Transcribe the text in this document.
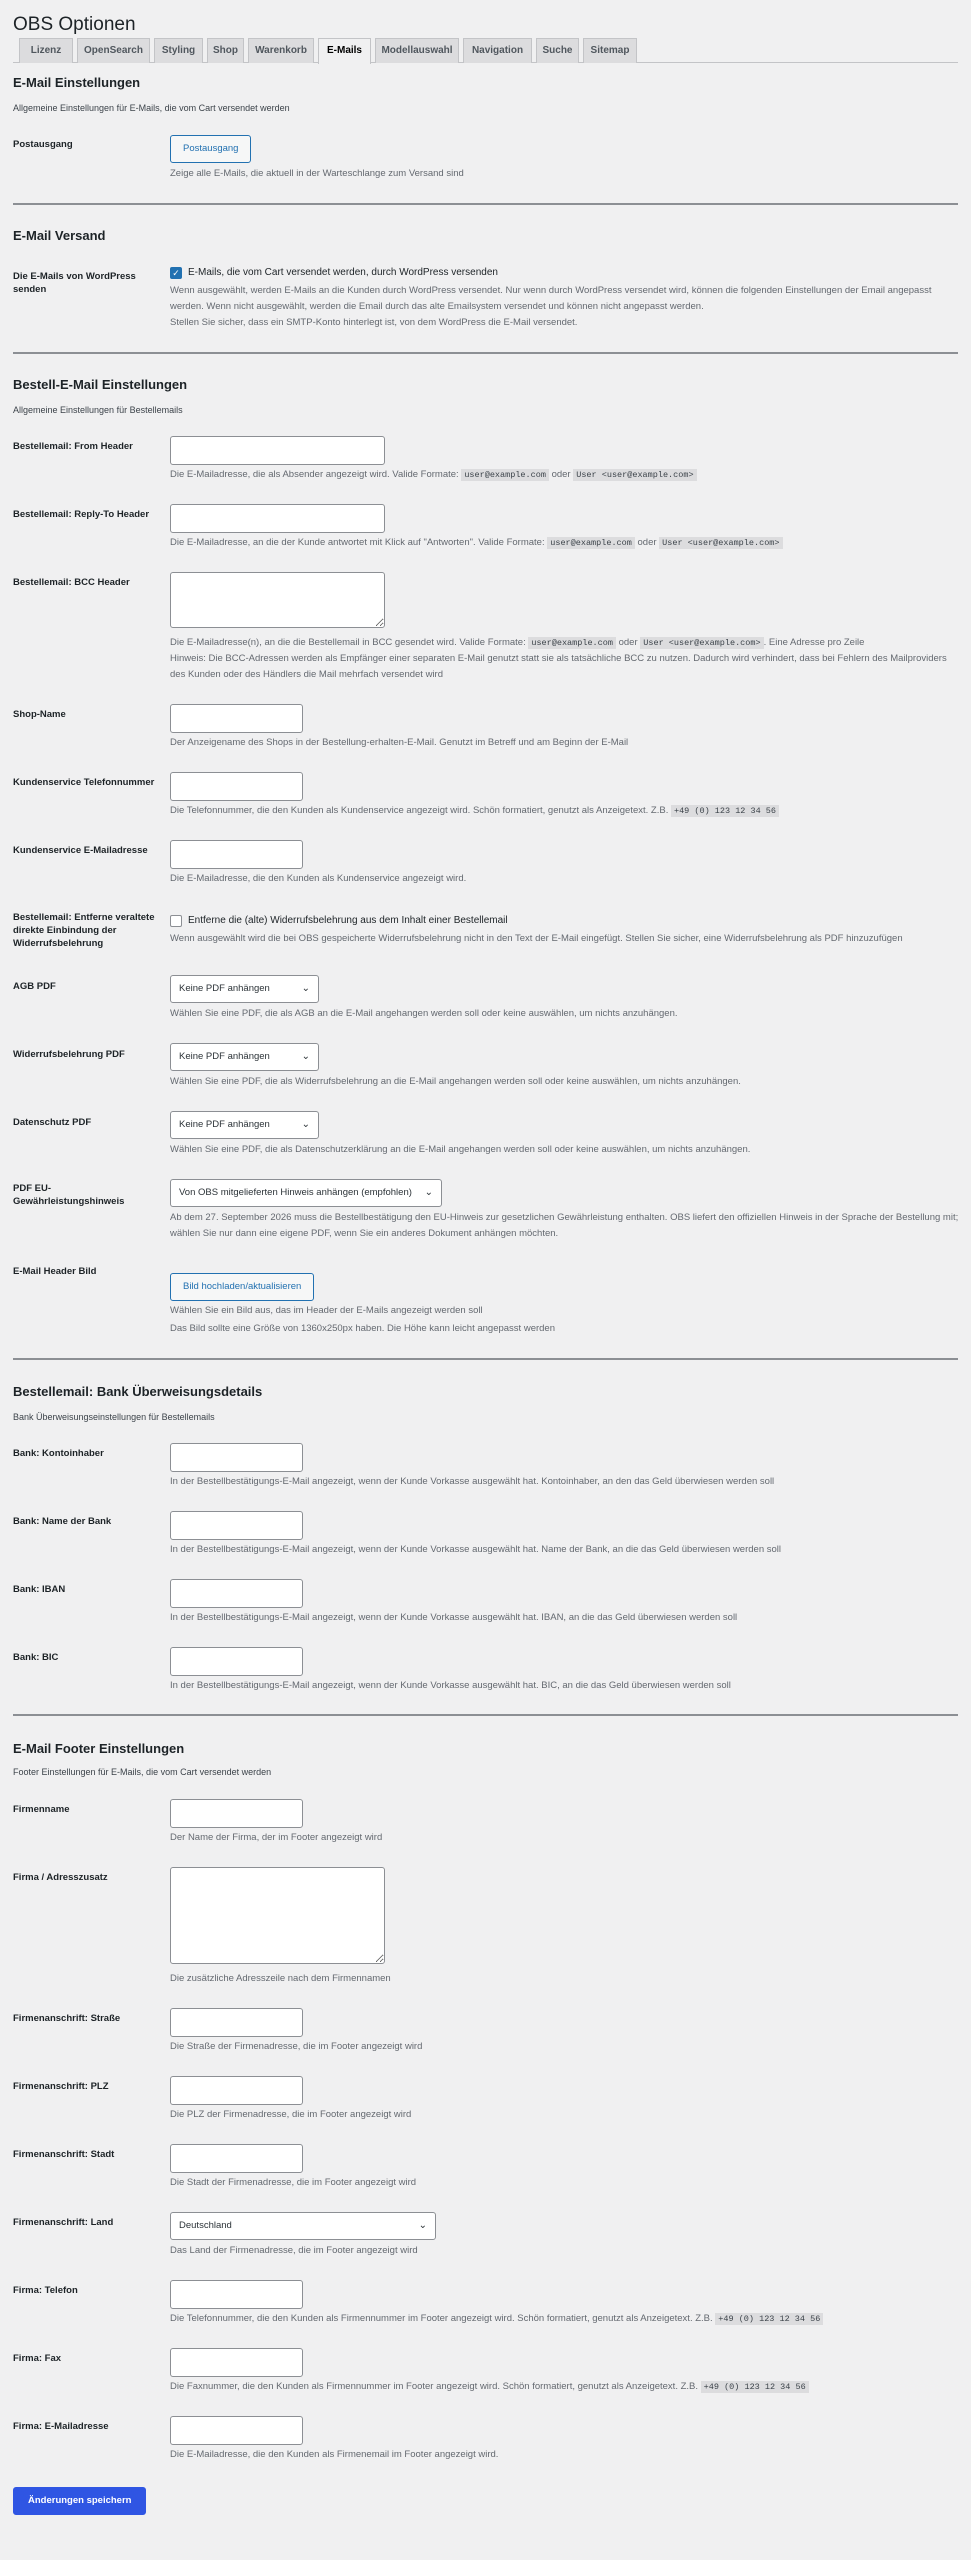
OBS Optionen
Lizenz	OpenSearch	Styling	Shop	Warenkorb	E-Mails	Modellauswahl	Navigation	Suche	Sitemap
E-Mail Einstellungen
Allgemeine Einstellungen für E-Mails, die vom Cart versendet werden
Postausgang	Postausgang
Zeige alle E-Mails, die aktuell in der Warteschlange zum Versand sind
E-Mail Versand
Die E-Mails von WordPress senden
✓ E-Mails, die vom Cart versendet werden, durch WordPress versenden
Wenn ausgewählt, werden E-Mails an die Kunden durch WordPress versendet. Nur wenn durch WordPress versendet wird, können die folgenden Einstellungen der Email angepasst werden. Wenn nicht ausgewählt, werden die Email durch das alte Emailsystem versendet und können nicht angepasst werden.
Stellen Sie sicher, dass ein SMTP-Konto hinterlegt ist, von dem WordPress die E-Mail versendet.
Bestell-E-Mail Einstellungen
Allgemeine Einstellungen für Bestellemails
Bestellemail: From Header
Die E-Mailadresse, die als Absender angezeigt wird. Valide Formate: user@example.com oder User <user@example.com>
Bestellemail: Reply-To Header
Die E-Mailadresse, an die der Kunde antwortet mit Klick auf "Antworten". Valide Formate: user@example.com oder User <user@example.com>
Bestellemail: BCC Header
Die E-Mailadresse(n), an die die Bestellemail in BCC gesendet wird. Valide Formate: user@example.com oder User <user@example.com> . Eine Adresse pro Zeile
Hinweis: Die BCC-Adressen werden als Empfänger einer separaten E-Mail genutzt statt sie als tatsächliche BCC zu nutzen. Dadurch wird verhindert, dass bei Fehlern des Mailproviders des Kunden oder des Händlers die Mail mehrfach versendet wird
Shop-Name
Der Anzeigename des Shops in der Bestellung-erhalten-E-Mail. Genutzt im Betreff und am Beginn der E-Mail
Kundenservice Telefonnummer
Die Telefonnummer, die den Kunden als Kundenservice angezeigt wird. Schön formatiert, genutzt als Anzeigetext. Z.B. +49 (0) 123 12 34 56
Kundenservice E-Mailadresse
Die E-Mailadresse, die den Kunden als Kundenservice angezeigt wird.
Bestellemail: Entferne veraltete direkte Einbindung der Widerrufsbelehrung
Entferne die (alte) Widerrufsbelehrung aus dem Inhalt einer Bestellemail
Wenn ausgewählt wird die bei OBS gespeicherte Widerrufsbelehrung nicht in den Text der E-Mail eingefügt. Stellen Sie sicher, eine Widerrufsbelehrung als PDF hinzuzufügen
AGB PDF	Keine PDF anhängen	⌄
Wählen Sie eine PDF, die als AGB an die E-Mail angehangen werden soll oder keine auswählen, um nichts anzuhängen.
Widerrufsbelehrung PDF	Keine PDF anhängen	⌄
Wählen Sie eine PDF, die als Widerrufsbelehrung an die E-Mail angehangen werden soll oder keine auswählen, um nichts anzuhängen.
Datenschutz PDF	Keine PDF anhängen	⌄
Wählen Sie eine PDF, die als Datenschutzerklärung an die E-Mail angehangen werden soll oder keine auswählen, um nichts anzuhängen.
PDF EU-Gewährleistungshinweis
Von OBS mitgelieferten Hinweis anhängen (empfohlen) ⌄
Ab dem 27. September 2026 muss die Bestellbestätigung den EU-Hinweis zur gesetzlichen Gewährleistung enthalten. OBS liefert den offiziellen Hinweis in der Sprache der Bestellung mit; wählen Sie nur dann eine eigene PDF, wenn Sie ein anderes Dokument anhängen möchten.
E-Mail Header Bild
Bild hochladen/aktualisieren
Wählen Sie ein Bild aus, das im Header der E-Mails angezeigt werden soll
Das Bild sollte eine Größe von 1360x250px haben. Die Höhe kann leicht angepasst werden
Bestellemail: Bank Überweisungsdetails
Bank Überweisungseinstellungen für Bestellemails
Bank: Kontoinhaber
In der Bestellbestätigungs-E-Mail angezeigt, wenn der Kunde Vorkasse ausgewählt hat. Kontoinhaber, an den das Geld überwiesen werden soll
Bank: Name der Bank
In der Bestellbestätigungs-E-Mail angezeigt, wenn der Kunde Vorkasse ausgewählt hat. Name der Bank, an die das Geld überwiesen werden soll
Bank: IBAN
In der Bestellbestätigungs-E-Mail angezeigt, wenn der Kunde Vorkasse ausgewählt hat. IBAN, an die das Geld überwiesen werden soll
Bank: BIC
In der Bestellbestätigungs-E-Mail angezeigt, wenn der Kunde Vorkasse ausgewählt hat. BIC, an die das Geld überwiesen werden soll
E-Mail Footer Einstellungen
Footer Einstellungen für E-Mails, die vom Cart versendet werden
Firmenname
Der Name der Firma, der im Footer angezeigt wird
Firma / Adresszusatz
Die zusätzliche Adresszeile nach dem Firmennamen
Firmenanschrift: Straße
Die Straße der Firmenadresse, die im Footer angezeigt wird
Firmenanschrift: PLZ
Die PLZ der Firmenadresse, die im Footer angezeigt wird
Firmenanschrift: Stadt
Die Stadt der Firmenadresse, die im Footer angezeigt wird
Firmenanschrift: Land	Deutschland	⌄
Das Land der Firmenadresse, die im Footer angezeigt wird
Firma: Telefon
Die Telefonnummer, die den Kunden als Firmennummer im Footer angezeigt wird. Schön formatiert, genutzt als Anzeigetext. Z.B. +49 (0) 123 12 34 56
Firma: Fax
Die Faxnummer, die den Kunden als Firmennummer im Footer angezeigt wird. Schön formatiert, genutzt als Anzeigetext. Z.B. +49 (0) 123 12 34 56
Firma: E-Mailadresse
Die E-Mailadresse, die den Kunden als Firmenemail im Footer angezeigt wird.
Änderungen speichern
